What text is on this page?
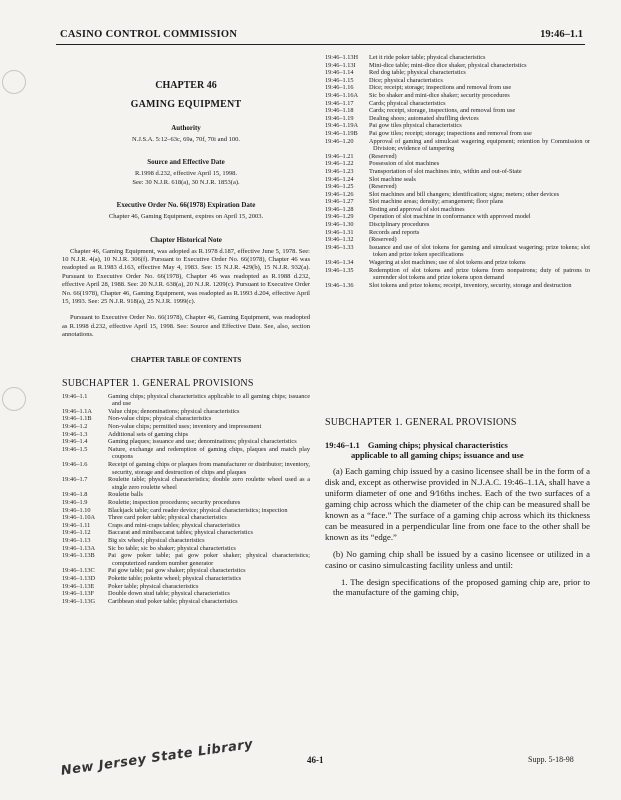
CASINO CONTROL COMMISSION	19:46–1.1
CHAPTER 46
GAMING EQUIPMENT
Authority
N.J.S.A. 5:12–63c, 69a, 70f, 70i and 100.
Source and Effective Date
R.1998 d.232, effective April 15, 1998.
See: 30 N.J.R. 618(a), 30 N.J.R. 1853(a).
Executive Order No. 66(1978) Expiration Date
Chapter 46, Gaming Equipment, expires on April 15, 2003.
Chapter Historical Note
Chapter 46, Gaming Equipment, was adopted as R.1978 d.187, effective June 5, 1978. See: 10 N.J.R. 4(a), 10 N.J.R. 306(f). Pursuant to Executive Order No. 66(1978), Chapter 46 was readopted as R.1983 d.163, effective May 4, 1983. See: 15 N.J.R. 429(b), 15 N.J.R. 932(a). Pursuant to Executive Order No. 66(1978), Chapter 46 was readopted as R.1988 d.232, effective April 28, 1988. See: 20 N.J.R. 638(a), 20 N.J.R. 1209(c). Pursuant to Executive Order No. 66(1978), Chapter 46, Gaming Equipment, was readopted as R.1993 d.204, effective April 15, 1993. See: 25 N.J.R. 918(a), 25 N.J.R. 1999(c).
Pursuant to Executive Order No. 66(1978), Chapter 46, Gaming Equipment, was readopted as R.1998 d.232, effective April 15, 1998. See: Source and Effective Date. See, also, section annotations.
CHAPTER TABLE OF CONTENTS
SUBCHAPTER 1. GENERAL PROVISIONS
19:46–1.1	Gaming chips; physical characteristics applicable to all gaming chips; issuance and use
19:46–1.1A	Value chips; denominations; physical characteristics
19:46–1.1B	Non-value chips; physical characteristics
19:46–1.2	Non-value chips; permitted uses; inventory and impressment
19:46–1.3	Additional sets of gaming chips
19:46–1.4	Gaming plaques; issuance and use; denominations; physical characteristics
19:46–1.5	Nature, exchange and redemption of gaming chips, plaques and match play coupons
19:46–1.6	Receipt of gaming chips or plaques from manufacturer or distributor; inventory, security, storage and destruction of chips and plaques
19:46–1.7	Roulette table; physical characteristics; double zero roulette wheel used as a single zero roulette wheel
19:46–1.8	Roulette balls
19:46–1.9	Roulette; inspection procedures; security procedures
19:46–1.10	Blackjack table; card reader device; physical characteristics; inspection
19:46–1.10A	Three card poker table; physical characteristics
19:46–1.11	Craps and mini-craps tables; physical characteristics
19:46–1.12	Baccarat and minibaccarat tables; physical characteristics
19:46–1.13	Big six wheel; physical characteristics
19:46–1.13A	Sic bo table; sic bo shaker; physical characteristics
19:46–1.13B	Pai gow poker table; pai gow poker shaker; physical characteristics; computerized random number generator
19:46–1.13C	Pai gow table; pai gow shaker; physical characteristics
19:46–1.13D	Pokette table; pokette wheel; physical characteristics
19:46–1.13E	Poker table; physical characteristics
19:46–1.13F	Double down stud table; physical characteristics
19:46–1.13G	Caribbean stud poker table; physical characteristics
19:46–1.13H	Let it ride poker table; physical characteristics
19:46–1.13I	Mini-dice table; mini-dice dice shaker, physical characteristics
19:46–1.14	Red dog table; physical characteristics
19:46–1.15	Dice; physical characteristics
19:46–1.16	Dice; receipt; storage; inspections and removal from use
19:46–1.16A	Sic bo shaker and mini-dice shaker; security procedures
19:46–1.17	Cards; physical characteristics
19:46–1.18	Cards; receipt, storage, inspections, and removal from use
19:46–1.19	Dealing shoes; automated shuffling devices
19:46–1.19A	Pai gow tiles physical characteristics
19:46–1.19B	Pai gow tiles; receipt; storage; inspections and removal from use
19:46–1.20	Approval of gaming and simulcast wagering equipment; retention by Commission or Division; evidence of tampering
19:46–1.21	(Reserved)
19:46–1.22	Possession of slot machines
19:46–1.23	Transportation of slot machines into, within and out-of-State
19:46–1.24	Slot machine seals
19:46–1.25	(Reserved)
19:46–1.26	Slot machines and bill changers; identification; signs; meters; other devices
19:46–1.27	Slot machine areas; density; arrangement; floor plans
19:46–1.28	Testing and approval of slot machines
19:46–1.29	Operation of slot machine in conformance with approved model
19:46–1.30	Disciplinary procedures
19:46–1.31	Records and reports
19:46–1.32	(Reserved)
19:46–1.33	Issuance and use of slot tokens for gaming and simulcast wagering; prize tokens; slot token and prize token specifications
19:46–1.34	Wagering at slot machines; use of slot tokens and prize tokens
19:46–1.35	Redemption of slot tokens and prize tokens from nonpatrons; duty of patrons to surrender slot tokens and prize tokens upon demand
19:46–1.36	Slot tokens and prize tokens; receipt, inventory, security, storage and destruction
SUBCHAPTER 1. GENERAL PROVISIONS
19:46–1.1 Gaming chips; physical characteristics
applicable to all gaming chips; issuance and use
(a) Each gaming chip issued by a casino licensee shall be in the form of a disk and, except as otherwise provided in N.J.A.C. 19:46–1.1A, shall have a uniform diameter of one and 9⁄16ths inches. Each of the two surfaces of a gaming chip across which the diameter of the chip can be measured shall be known as a “face.” The surface of a gaming chip across which its thickness can be measured in a perpendicular line from one face to the other shall be known as its “edge.”
(b) No gaming chip shall be issued by a casino licensee or utilized in a casino or casino simulcasting facility unless and until:
1. The design specifications of the proposed gaming chip are, prior to the manufacture of the gaming chip,
46-1	Supp. 5-18-98
New Jersey State Library
